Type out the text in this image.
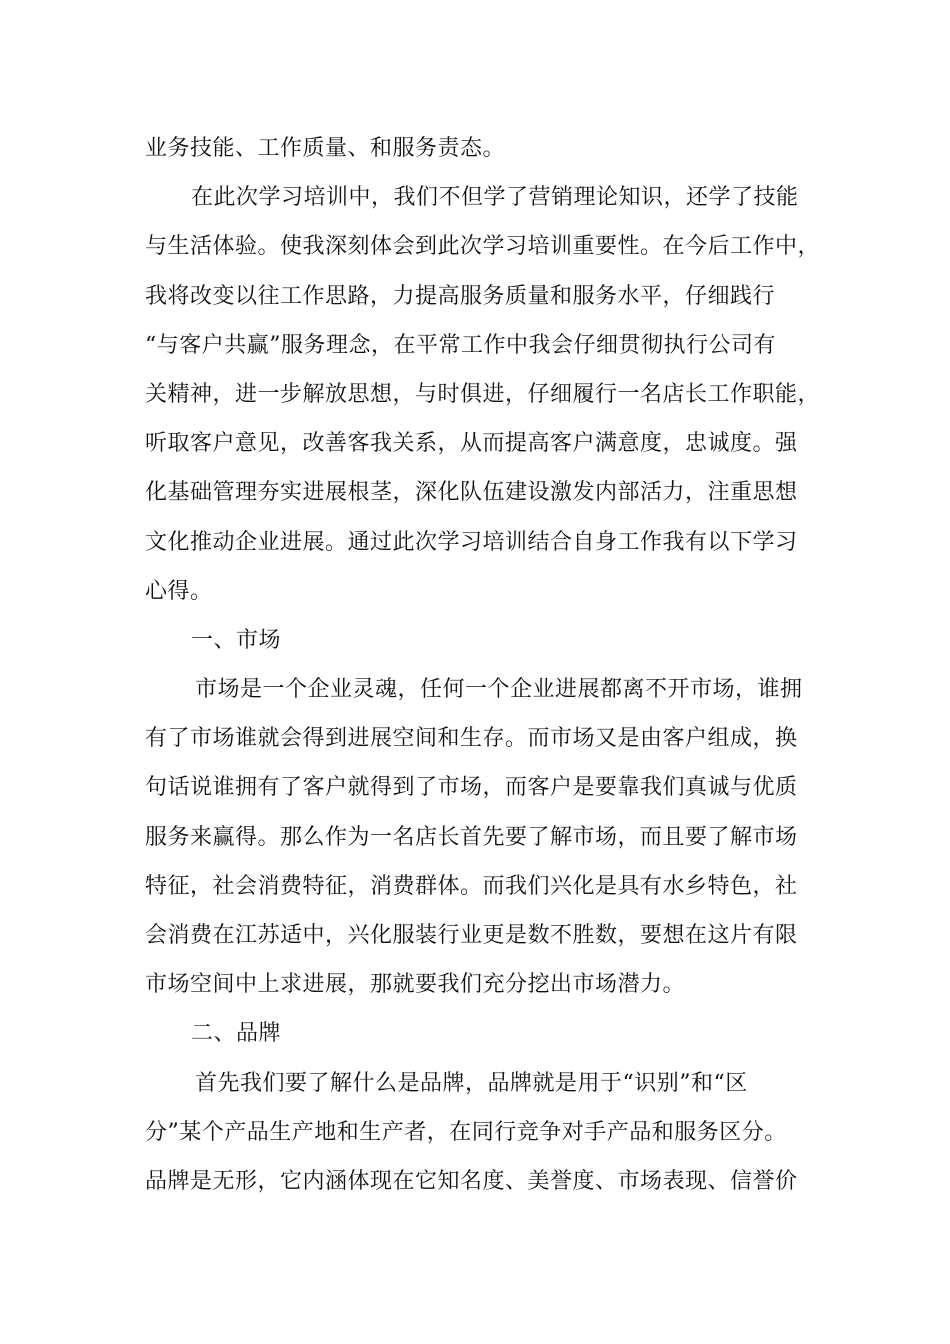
业务技能、工作质量、和服务责态。
在此次学习培训中，我们不但学了营销理论知识，还学了技能
与生活体验。使我深刻体会到此次学习培训重要性。在今后工作中，
我将改变以往工作思路，力提高服务质量和服务水平，仔细践行
“与客户共赢”服务理念，在平常工作中我会仔细贯彻执行公司有
关精神，进一步解放思想，与时俱进，仔细履行一名店长工作职能，
听取客户意见，改善客我关系，从而提高客户满意度，忠诚度。强
化基础管理夯实进展根茎，深化队伍建设激发内部活力，注重思想
文化推动企业进展。通过此次学习培训结合自身工作我有以下学习
心得。
一、市场
市场是一个企业灵魂，任何一个企业进展都离不开市场，谁拥
有了市场谁就会得到进展空间和生存。而市场又是由客户组成，换
句话说谁拥有了客户就得到了市场，而客户是要靠我们真诚与优质
服务来赢得。那么作为一名店长首先要了解市场，而且要了解市场
特征，社会消费特征，消费群体。而我们兴化是具有水乡特色，社
会消费在江苏适中，兴化服装行业更是数不胜数，要想在这片有限
市场空间中上求进展，那就要我们充分挖出市场潜力。
二、品牌
首先我们要了解什么是品牌，品牌就是用于“识别”和“区
分”某个产品生产地和生产者，在同行竞争对手产品和服务区分。
品牌是无形，它内涵体现在它知名度、美誉度、市场表现、信誉价
